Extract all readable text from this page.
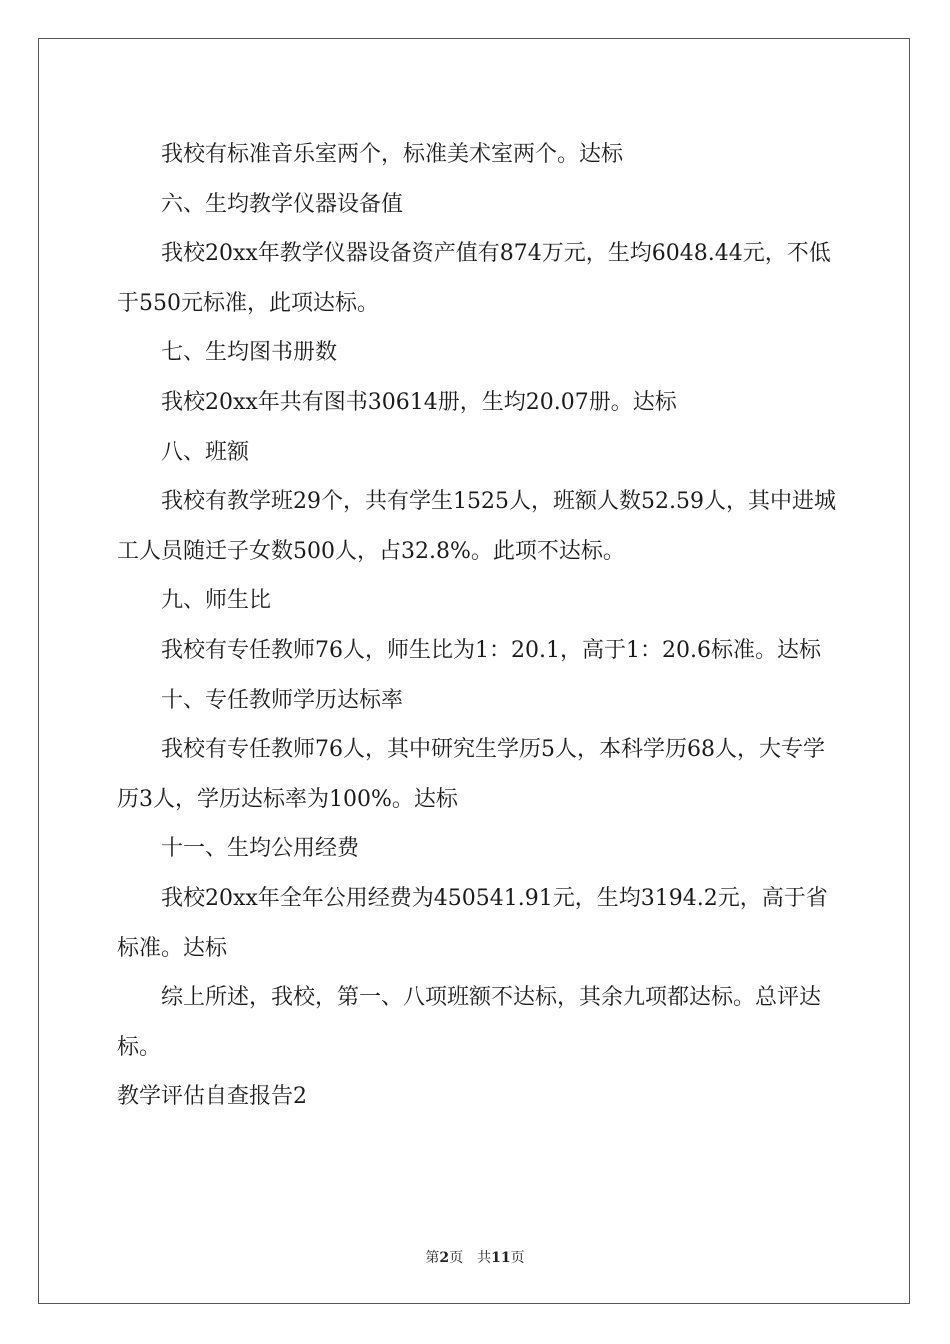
我校有标准音乐室两个，标准美术室两个。达标

六、生均教学仪器设备值

我校20xx年教学仪器设备资产值有874万元，生均6048.44元，不低于550元标准，此项达标。

七、生均图书册数

我校20xx年共有图书30614册，生均20.07册。达标

八、班额

我校有教学班29个，共有学生1525人，班额人数52.59人，其中进城工人员随迁子女数500人，占32.8%。此项不达标。

九、师生比

我校有专任教师76人，师生比为1：20.1，高于1：20.6标准。达标

十、专任教师学历达标率

我校有专任教师76人，其中研究生学历5人，本科学历68人，大专学历3人，学历达标率为100%。达标

十一、生均公用经费

我校20xx年全年公用经费为450541.91元，生均3194.2元，高于省标准。达标

综上所述，我校，第一、八项班额不达标，其余九项都达标。总评达标。

教学评估自查报告2

第2页 共11页
